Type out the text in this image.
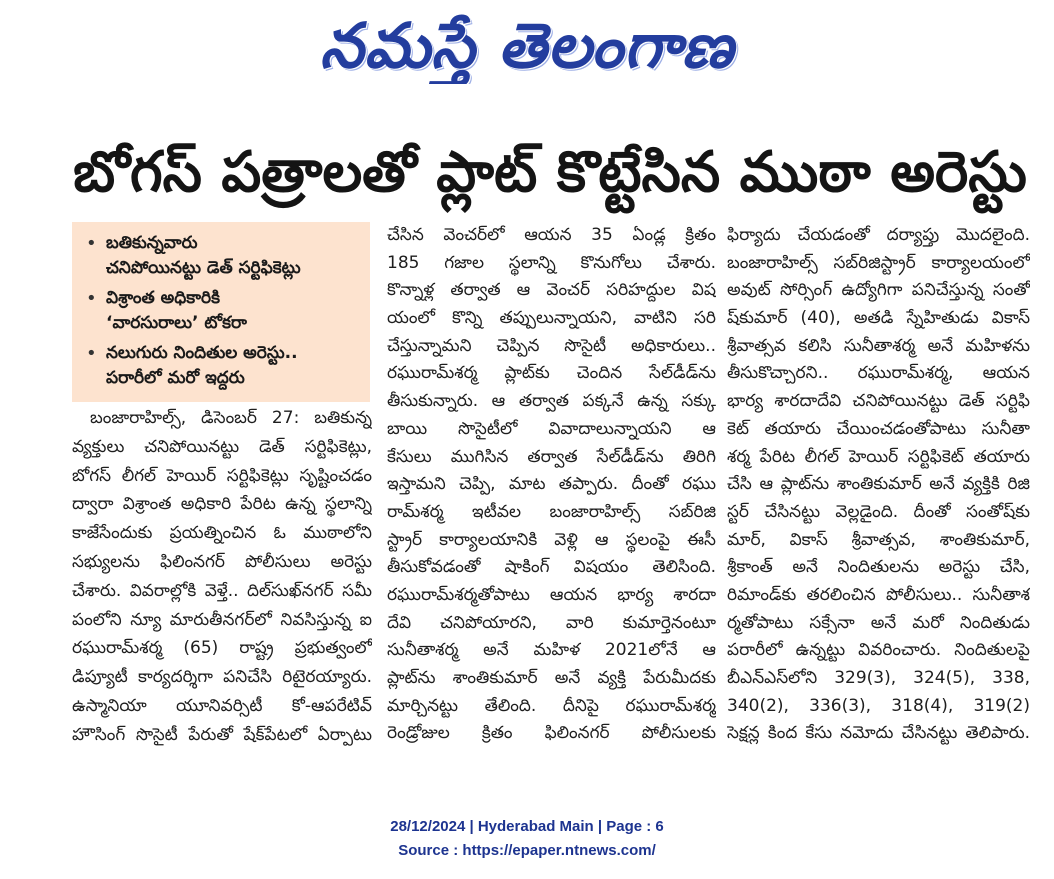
నమస్తే తెలంగాణ
బోగస్ పత్రాలతో ప్లాట్ కొట్టేసిన ముఠా అరెస్టు
• బతికున్నవారు
చనిపోయినట్టు డెత్ సర్టిఫికెట్లు
• విశ్రాంత అధికారికి
‘వారసురాలు’ టోకరా
• నలుగురు నిందితుల అరెస్టు..
పరారీలో మరో ఇద్దరు
బంజారాహిల్స్, డిసెంబర్ 27: బతికున్న
వ్యక్తులు చనిపోయినట్టు డెత్ సర్టిఫికెట్లు,
బోగస్ లీగల్ హెయిర్ సర్టిఫికెట్లు సృష్టించడం
ద్వారా విశ్రాంత అధికారి పేరిట ఉన్న స్థలాన్ని
కాజేసేందుకు ప్రయత్నించిన ఓ ముఠాలోని
సభ్యులను ఫిలింనగర్ పోలీసులు అరెస్టు
చేశారు. వివరాల్లోకి వెళ్తే.. దిల్‌సుఖ్‌నగర్ సమీ
పంలోని న్యూ మారుతీనగర్‌లో నివసిస్తున్న ఐ
రఘురామ్‌శర్మ (65) రాష్ట్ర ప్రభుత్వంలో
డిప్యూటీ కార్యదర్శిగా పనిచేసి రిటైరయ్యారు.
ఉస్మానియా యూనివర్సిటీ కో-ఆపరేటివ్
హౌసింగ్ సొసైటీ పేరుతో షేక్‌పేటలో ఏర్పాటు
చేసిన వెంచర్‌లో ఆయన 35 ఏండ్ల క్రితం
185 గజాల స్థలాన్ని కొనుగోలు చేశారు.
కొన్నాళ్ల తర్వాత ఆ వెంచర్ సరిహద్దుల విష
యంలో కొన్ని తప్పులున్నాయని, వాటిని సరి
చేస్తున్నామని చెప్పిన సొసైటీ అధికారులు..
రఘురామ్‌శర్మ ప్లాట్‌కు చెందిన సేల్‌డీడ్‌ను
తీసుకున్నారు. ఆ తర్వాత పక్కనే ఉన్న సక్కు
బాయి సొసైటీలో వివాదాలున్నాయని ఆ
కేసులు ముగిసిన తర్వాత సేల్‌డీడ్‌ను తిరిగి
ఇస్తామని చెప్పి, మాట తప్పారు. దీంతో రఘు
రామ్‌శర్మ ఇటీవల బంజారాహిల్స్ సబ్‌రిజి
స్ట్రార్ కార్యాలయానికి వెళ్లి ఆ స్థలంపై ఈసీ
తీసుకోవడంతో షాకింగ్ విషయం తెలిసింది.
రఘురామ్‌శర్మతోపాటు ఆయన భార్య శారదా
దేవి చనిపోయారని, వారి కుమార్తెనంటూ
సునీతాశర్మ అనే మహిళ 2021లోనే ఆ
ప్లాట్‌ను శాంతికుమార్ అనే వ్యక్తి పేరుమీదకు
మార్చినట్టు తేలింది. దీనిపై రఘురామ్‌శర్మ
రెండ్రోజుల క్రితం ఫిలింనగర్ పోలీసులకు
ఫిర్యాదు చేయడంతో దర్యాప్తు మొదలైంది.
బంజారాహిల్స్ సబ్‌రిజిస్ట్రార్ కార్యాలయంలో
అవుట్ సోర్సింగ్ ఉద్యోగిగా పనిచేస్తున్న సంతో
ష్‌కుమార్ (40), అతడి స్నేహితుడు వికాస్
శ్రీవాత్సవ కలిసి సునీతాశర్మ అనే మహిళను
తీసుకొచ్చారని.. రఘురామ్‌శర్మ, ఆయన
భార్య శారదాదేవి చనిపోయినట్టు డెత్ సర్టిఫి
కెట్ తయారు చేయించడంతోపాటు సునీతా
శర్మ పేరిట లీగల్ హెయిర్ సర్టిఫికెట్ తయారు
చేసి ఆ ప్లాట్‌ను శాంతికుమార్ అనే వ్యక్తికి రిజి
స్టర్ చేసినట్టు వెల్లడైంది. దీంతో సంతోష్‌కు
మార్, వికాస్ శ్రీవాత్సవ, శాంతికుమార్,
శ్రీకాంత్ అనే నిందితులను అరెస్టు చేసి,
రిమాండ్‌కు తరలించిన పోలీసులు.. సునీతాశ
ర్మతోపాటు సక్సేనా అనే మరో నిందితుడు
పరారీలో ఉన్నట్టు వివరించారు. నిందితులపై
బీఎన్‌ఎస్‌లోని 329(3), 324(5), 338,
340(2), 336(3), 318(4), 319(2)
సెక్షన్ల కింద కేసు నమోదు చేసినట్టు తెలిపారు.
28/12/2024 | Hyderabad Main | Page : 6
Source : https://epaper.ntnews.com/
